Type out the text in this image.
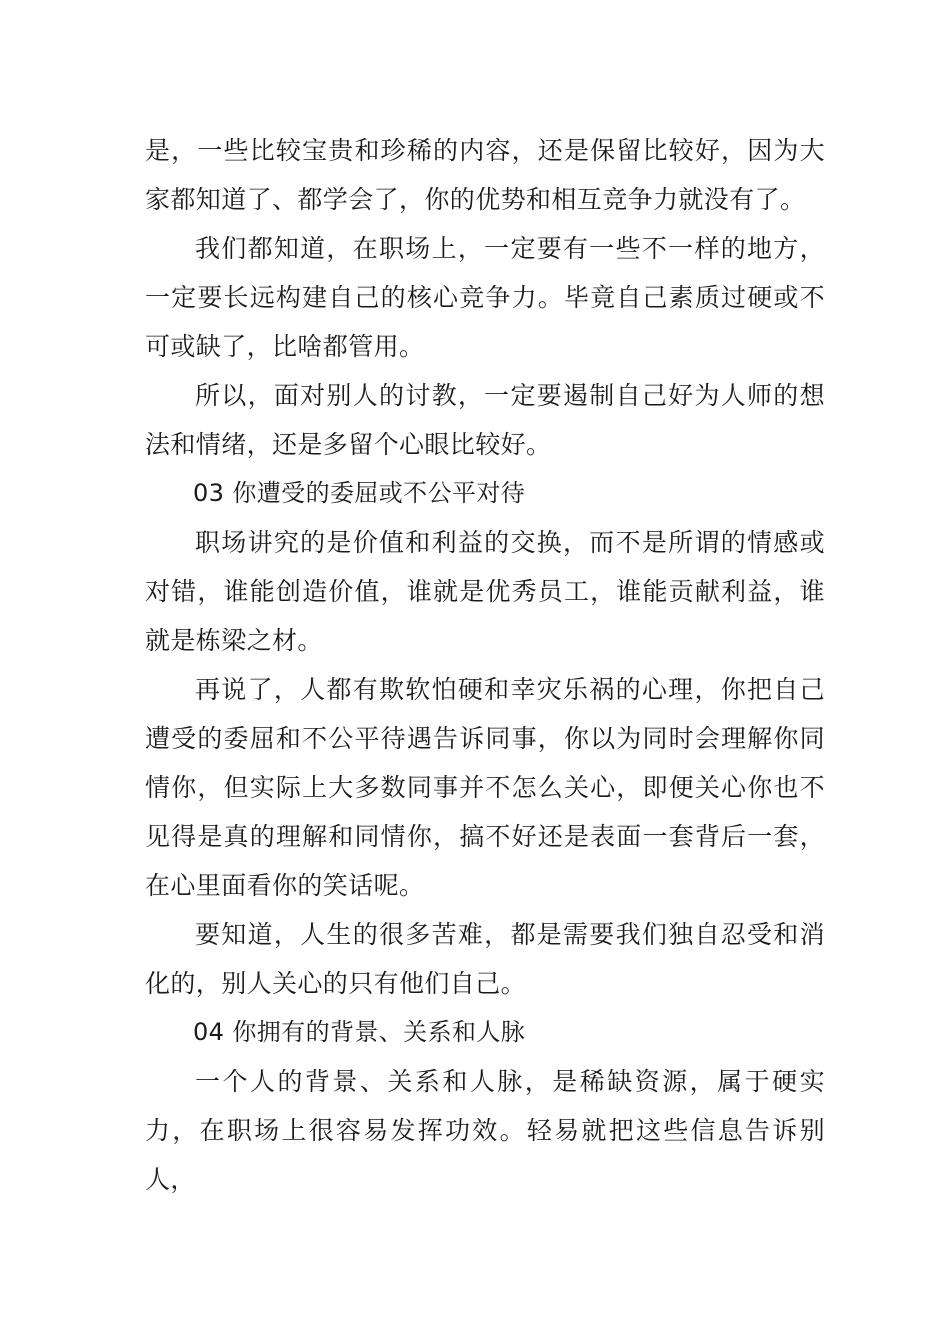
是，一些比较宝贵和珍稀的内容，还是保留比较好，因为大家都知道了、都学会了，你的优势和相互竞争力就没有了。

我们都知道，在职场上，一定要有一些不一样的地方，一定要长远构建自己的核心竞争力。毕竟自己素质过硬或不可或缺了，比啥都管用。

所以，面对别人的讨教，一定要遏制自己好为人师的想法和情绪，还是多留个心眼比较好。

03 你遭受的委屈或不公平对待

职场讲究的是价值和利益的交换，而不是所谓的情感或对错，谁能创造价值，谁就是优秀员工，谁能贡献利益，谁就是栋梁之材。

再说了，人都有欺软怕硬和幸灾乐祸的心理，你把自己遭受的委屈和不公平待遇告诉同事，你以为同时会理解你同情你，但实际上大多数同事并不怎么关心，即便关心你也不见得是真的理解和同情你，搞不好还是表面一套背后一套，在心里面看你的笑话呢。

要知道，人生的很多苦难，都是需要我们独自忍受和消化的，别人关心的只有他们自己。

04 你拥有的背景、关系和人脉

一个人的背景、关系和人脉，是稀缺资源，属于硬实力，在职场上很容易发挥功效。轻易就把这些信息告诉别人，
